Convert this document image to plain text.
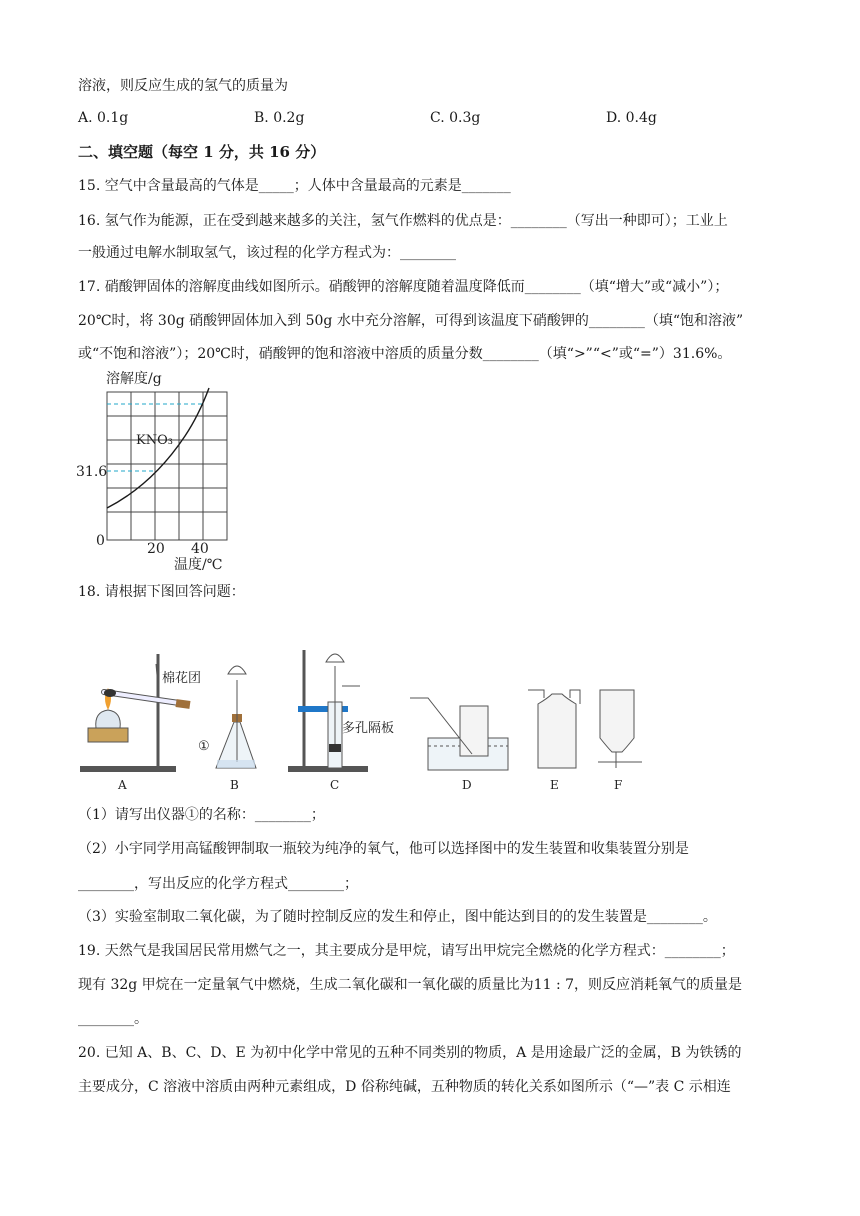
溶液，则反应生成的氢气的质量为
A. 0.1g	B. 0.2g	C. 0.3g	D. 0.4g
二、填空题（每空 1 分，共 16 分）
15. 空气中含量最高的气体是_____；人体中含量最高的元素是_______
16. 氢气作为能源，正在受到越来越多的关注，氢气作燃料的优点是：________（写出一种即可）；工业上
一般通过电解水制取氢气，该过程的化学方程式为：________
17. 硝酸钾固体的溶解度曲线如图所示。硝酸钾的溶解度随着温度降低而________（填“增大”或“减小”）；
20℃时，将 30g 硝酸钾固体加入到 50g 水中充分溶解，可得到该温度下硝酸钾的________（填“饱和溶液”
或“不饱和溶液”）；20℃时，硝酸钾的饱和溶液中溶质的质量分数________（填“>”“<”或“=”）31.6%。
溶解度/g
KNO₃
31.6
0	20 40
温度/℃
18. 请根据下图回答问题：
棉花团
A
①
B
多孔隔板
C	D	E	F
（1）请写出仪器①的名称：________；
（2）小宇同学用高锰酸钾制取一瓶较为纯净的氧气，他可以选择图中的发生装置和收集装置分别是
________，写出反应的化学方程式________；
（3）实验室制取二氧化碳，为了随时控制反应的发生和停止，图中能达到目的的发生装置是________。
19. 天然气是我国居民常用燃气之一，其主要成分是甲烷，请写出甲烷完全燃烧的化学方程式：________；
现有 32g 甲烷在一定量氧气中燃烧，生成二氧化碳和一氧化碳的质量比为11 : 7，则反应消耗氧气的质量是
________。
20. 已知 A、B、C、D、E 为初中化学中常见的五种不同类别的物质，A 是用途最广泛的金属，B 为铁锈的
主要成分，C 溶液中溶质由两种元素组成，D 俗称纯碱，五种物质的转化关系如图所示（“—”表 C 示相连
